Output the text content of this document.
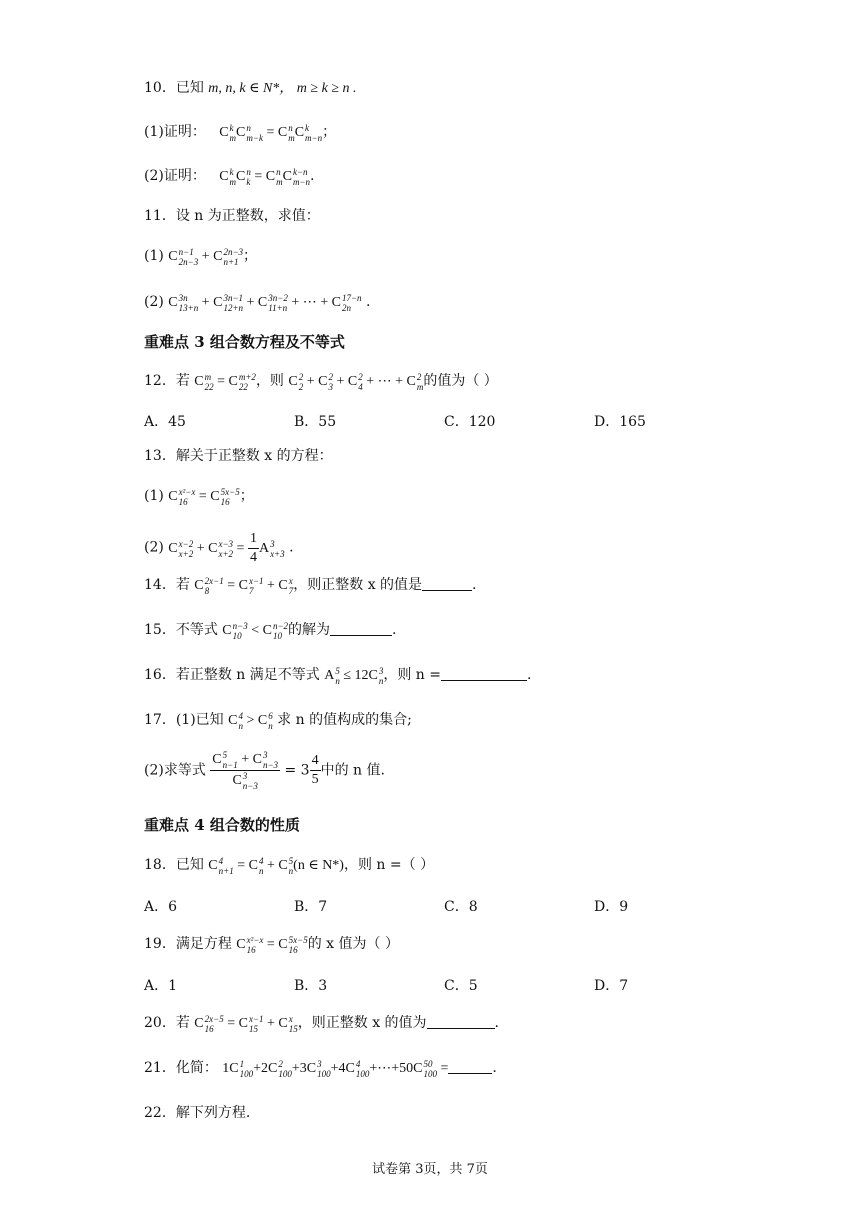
10．已知 m, n, k ∈ N*， m ≥ k ≥ n .
(1)证明： C k
m C n
m−k = C n
m C k
m−n ；
(2)证明： C k
m C n
k = C n
m C k−n
m−n .
11．设 n 为正整数，求值：
(1) C n−1
2n−3 + C 2n−3
n+1 ；
(2) C 3n
13+n + C 3n−1
12+n + C 3n−2
11+n + ⋯ + C 17−n
2n	.
重难点 3 组合数方程及不等式
12．若 C m
22 = C m+2
22 ，则 C 2
2 + C 2
3 + C 2
4 + ⋯ + C 2
m 的值为（ ）
A．45	B．55	C．120	D．165
13．解关于正整数 x 的方程：
(1) C x²−x
16 = C 5x−5
16 ；
(2) C x−2
x+2 + C x−3
$x+2 = \frac{1}{4}$ A 3
x+3 .
14．若 C 2x−1
8	= C x−1
7 + C x
7 ，则正整数 x 的值是	.
15．不等式 C n−3
10 < C n−2
10 的解为	.
16．若正整数 n 满足不等式 A 5
n ≤ 12C 3
n ，则 n =	.
17．(1)已知 C 4
n > C 6
n 求 n 的值构成的集合;
(2)求等式 C 5
n−1 + C 3
n−3
C 3
$n-3 = 3 \frac{4}{5}$ 中的 n 值.
重难点 4 组合数的性质
18．已知 C 4
n+1 = C 4
n + C 5
n (n ∈ N*)，则 n =（ ）
A．6	B．7	C．8	D．9
19．满足方程 C x²−x
16 = C 5x−5
16 的 x 值为（ ）
A．1	B．3	C．5	D．7
20．若 C 2x−5
16 = C x−1
15 + C x
15 ，则正整数 x 的值为	.
21．化简： 1C 1
100 +2C 2
100 +3C 3
100 +4C 4
100 +⋯+50C 50
100 =	.
22．解下列方程.
试卷第 3页，共 7页
